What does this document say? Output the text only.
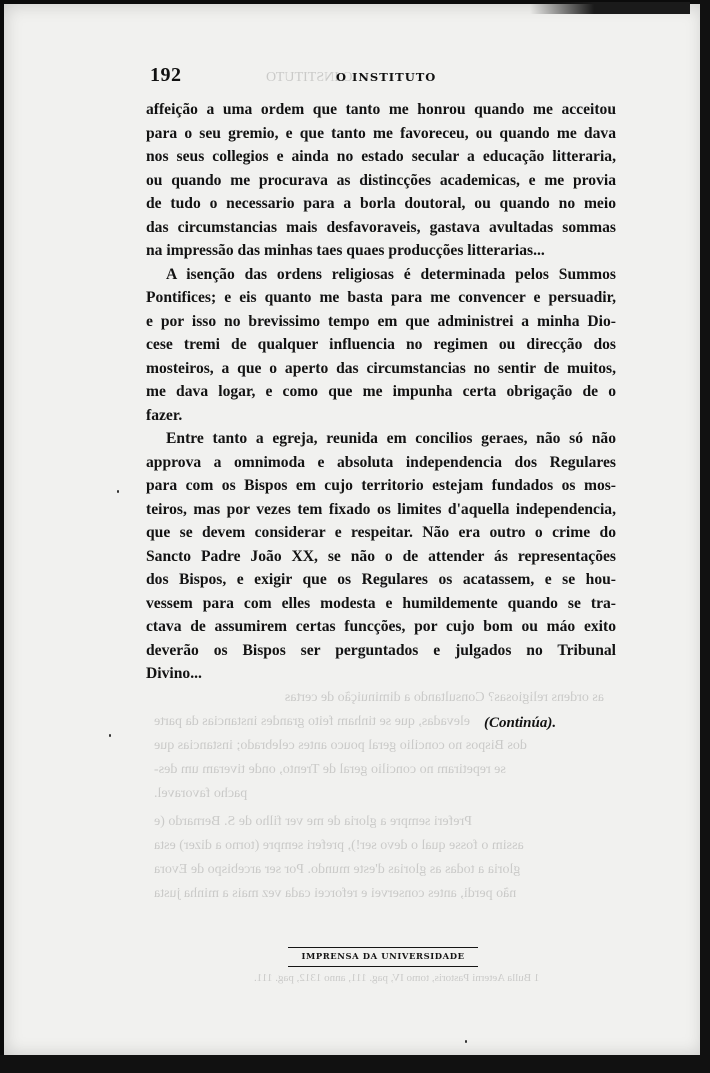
O INSTITUTO
as ordens religiosas? Consultando a diminuição de certas
elevadas, que se tinham feito grandes instancias da parte
dos Bispos no concilio geral pouco antes celebrado; instancias que
se repetiram no concilio geral de Trento, onde tiveram um des-
pacho favoravel.
Preferi sempre a gloria de me ver filho de S. Bernardo (e
assim o fosse qual o devo ser!), preferi sempre (torno a dizer) esta
gloria a todas as glorias d'este mundo. Por ser arcebispo de Evora
não perdi, antes conservei e reforcei cada vez mais a minha justa
1 Bulla Aeterni Pastoris, tomo IV, pag. 111, anno 1312, pag. 111.
192	O INSTITUTO
affeição a uma ordem que tanto me honrou quando me acceitou
para o seu gremio, e que tanto me favoreceu, ou quando me dava
nos seus collegios e ainda no estado secular a educação litteraria,
ou quando me procurava as distincções academicas, e me provia
de tudo o necessario para a borla doutoral, ou quando no meio
das circumstancias mais desfavoraveis, gastava avultadas sommas
na impressão das minhas taes quaes producções litterarias...
A isenção das ordens religiosas é determinada pelos Summos
Pontifices; e eis quanto me basta para me convencer e persuadir,
e por isso no brevissimo tempo em que administrei a minha Dio-
cese tremi de qualquer influencia no regimen ou direcção dos
mosteiros, a que o aperto das circumstancias no sentir de muitos,
me dava logar, e como que me impunha certa obrigação de o
fazer.
Entre tanto a egreja, reunida em concilios geraes, não só não
approva a omnimoda e absoluta independencia dos Regulares
para com os Bispos em cujo territorio estejam fundados os mos-
teiros, mas por vezes tem fixado os limites d'aquella independencia,
que se devem considerar e respeitar. Não era outro o crime do
Sancto Padre João XX, se não o de attender ás representações
dos Bispos, e exigir que os Regulares os acatassem, e se hou-
vessem para com elles modesta e humildemente quando se tra-
ctava de assumirem certas funcções, por cujo bom ou máo exito
deverão os Bispos ser perguntados e julgados no Tribunal
Divino...
(Continúa).
IMPRENSA DA UNIVERSIDADE
